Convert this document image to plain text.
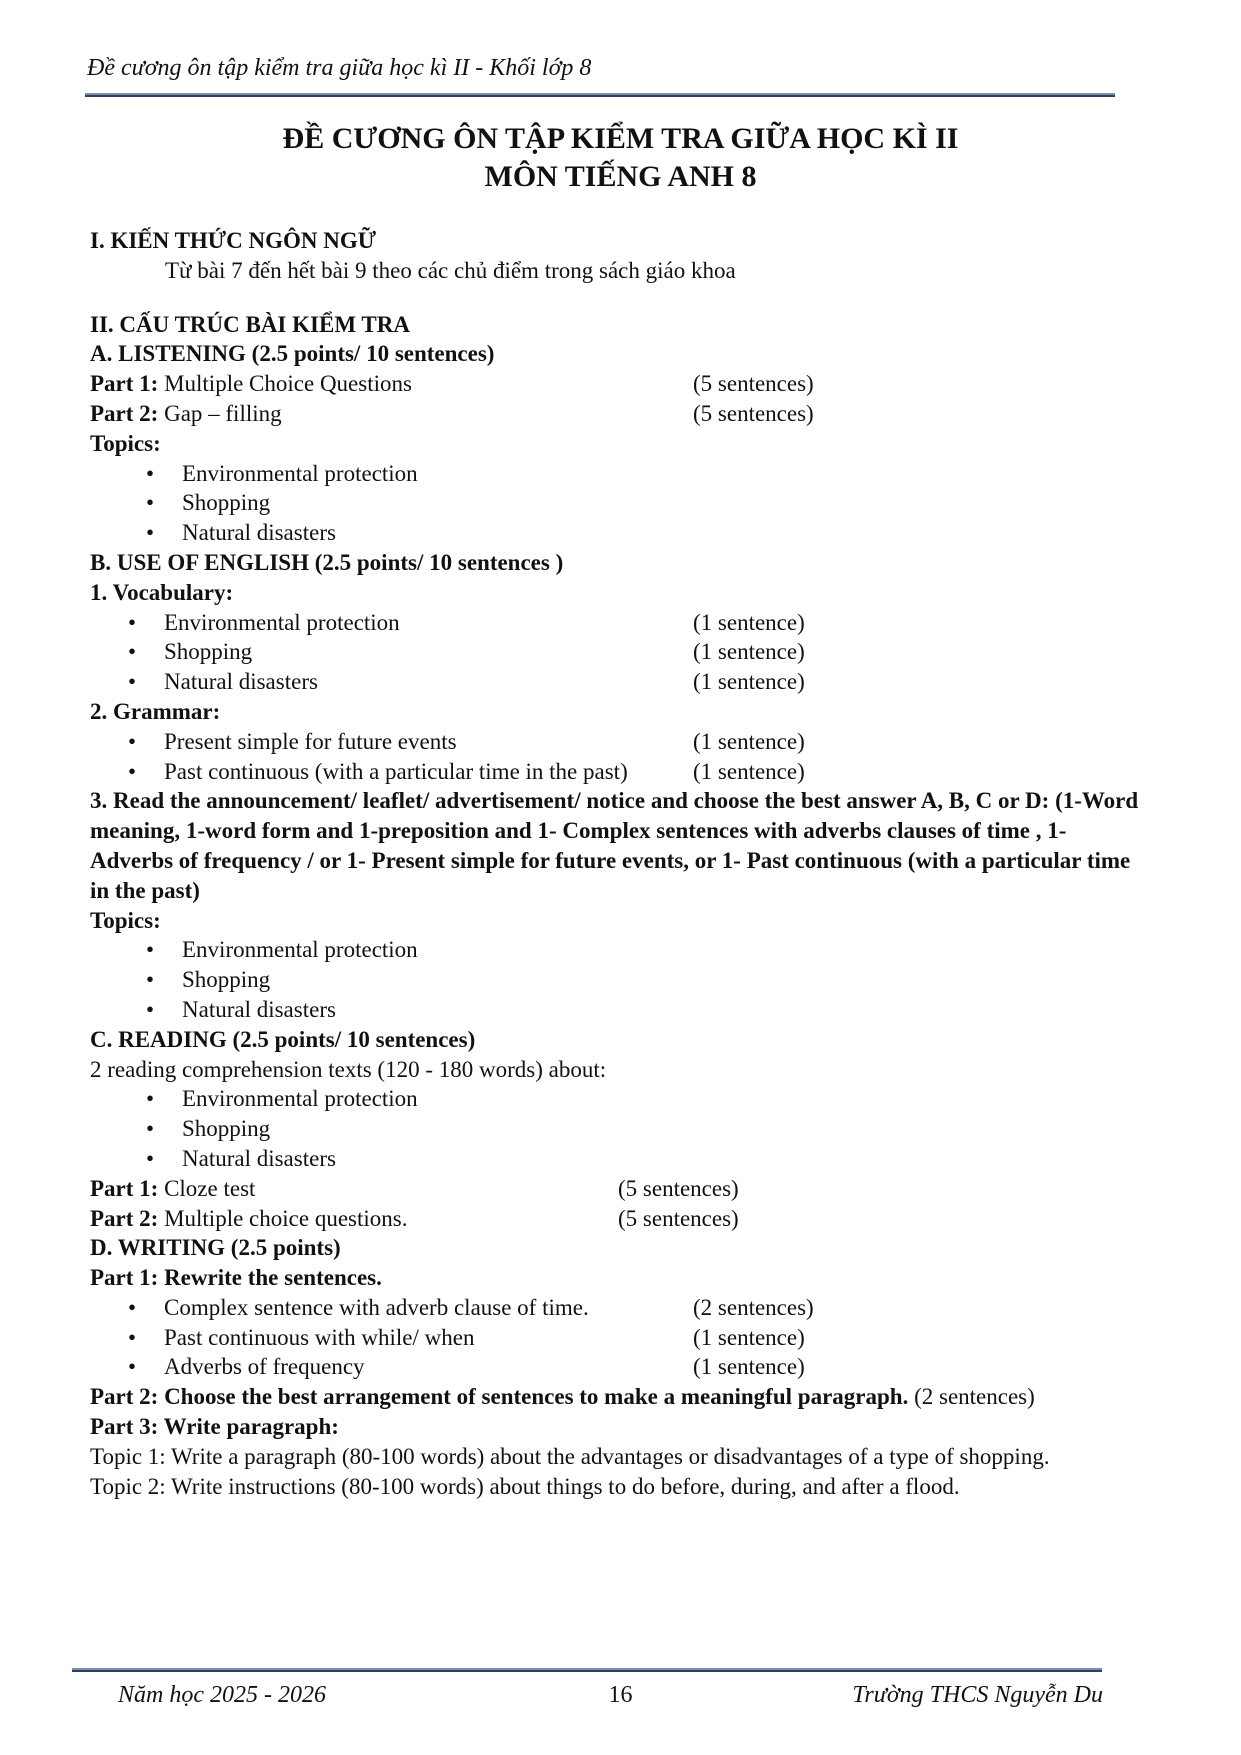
Đề cương ôn tập kiểm tra giữa học kì II - Khối lớp 8
ĐỀ CƯƠNG ÔN TẬP KIỂM TRA GIỮA HỌC KÌ II
MÔN TIẾNG ANH 8
I. KIẾN THỨC NGÔN NGỮ
Từ bài 7 đến hết bài 9 theo các chủ điểm trong sách giáo khoa
II. CẤU TRÚC BÀI KIỂM TRA
A. LISTENING (2.5 points/ 10 sentences)
Part 1: Multiple Choice Questions	(5 sentences)
Part 2: Gap – filling	(5 sentences)
Topics:
• Environmental protection
• Shopping
• Natural disasters
B. USE OF ENGLISH (2.5 points/ 10 sentences )
1. Vocabulary:
• Environmental protection	(1 sentence)
• Shopping	(1 sentence)
• Natural disasters	(1 sentence)
2. Grammar:
• Present simple for future events	(1 sentence)
• Past continuous (with a particular time in the past)	(1 sentence)
3. Read the announcement/ leaflet/ advertisement/ notice and choose the best answer A, B, C or D: (1-Word meaning, 1-word form and 1-preposition and 1- Complex sentences with adverbs clauses of time , 1- Adverbs of frequency / or 1- Present simple for future events, or 1- Past continuous (with a particular time in the past)
Topics:
• Environmental protection
• Shopping
• Natural disasters
C. READING (2.5 points/ 10 sentences)
2 reading comprehension texts (120 - 180 words) about:
• Environmental protection
• Shopping
• Natural disasters
Part 1: Cloze test	(5 sentences)
Part 2: Multiple choice questions.	(5 sentences)
D. WRITING (2.5 points)
Part 1: Rewrite the sentences.
• Complex sentence with adverb clause of time.	(2 sentences)
• Past continuous with while/ when	(1 sentence)
• Adverbs of frequency	(1 sentence)
Part 2: Choose the best arrangement of sentences to make a meaningful paragraph. (2 sentences)
Part 3: Write paragraph:
Topic 1: Write a paragraph (80-100 words) about the advantages or disadvantages of a type of shopping.
Topic 2: Write instructions (80-100 words) about things to do before, during, and after a flood.
Năm học 2025 - 2026	16	Trường THCS Nguyễn Du
